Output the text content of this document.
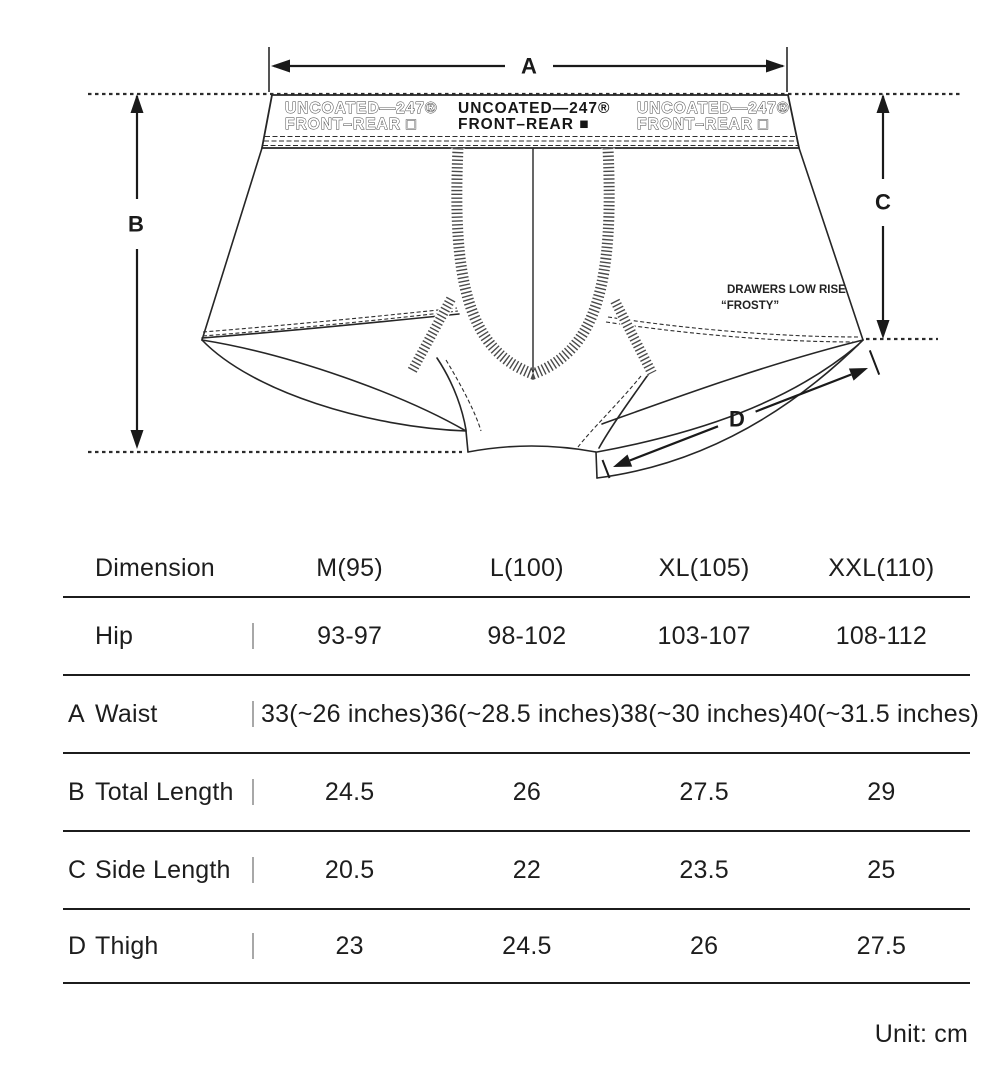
UNCOATED—247®
FRONT–REAR □
UNCOATED—247®
FRONT–REAR ■
UNCOATED—247®
FRONT–REAR □
DRAWERS LOW RISE
“FROSTY”
A
B
C
D
Dimension	M(95)	L(100)	XL(105)	XXL(110)
Hip	93-97	98-102	103-107	108-112
A Waist	33(~26 inches) 36(~28.5 inches) 38(~30 inches) 40(~31.5 inches)
B Total Length	24.5	26	27.5	29
C Side Length	20.5	22	23.5	25
D Thigh	23	24.5	26	27.5
Unit: cm
